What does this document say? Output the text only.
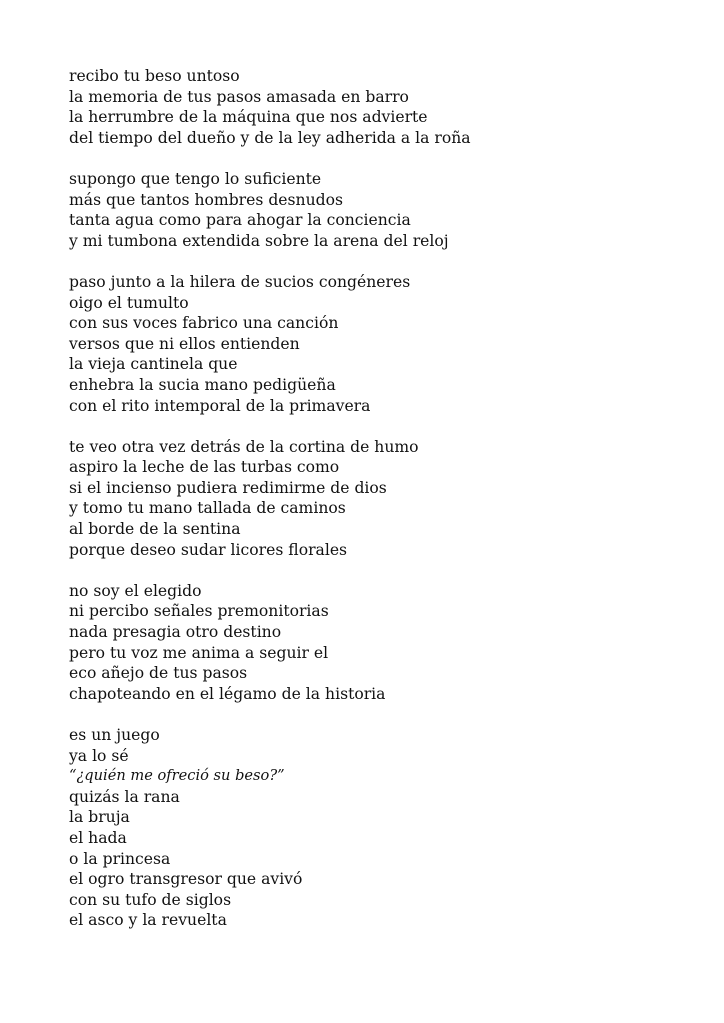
recibo tu beso untoso
la memoria de tus pasos amasada en barro
la herrumbre de la máquina que nos advierte
del tiempo del dueño y de la ley adherida a la roña
supongo que tengo lo suficiente
más que tantos hombres desnudos
tanta agua como para ahogar la conciencia
y mi tumbona extendida sobre la arena del reloj
paso junto a la hilera de sucios congéneres
oigo el tumulto
con sus voces fabrico una canción
versos que ni ellos entienden
la vieja cantinela que
enhebra la sucia mano pedigüeña
con el rito intemporal de la primavera
te veo otra vez detrás de la cortina de humo
aspiro la leche de las turbas como
si el incienso pudiera redimirme de dios
y tomo tu mano tallada de caminos
al borde de la sentina
porque deseo sudar licores florales
no soy el elegido
ni percibo señales premonitorias
nada presagia otro destino
pero tu voz me anima a seguir el
eco añejo de tus pasos
chapoteando en el légamo de la historia
es un juego
ya lo sé
“¿quién me ofreció su beso?”
quizás la rana
la bruja
el hada
o la princesa
el ogro transgresor que avivó
con su tufo de siglos
el asco y la revuelta
